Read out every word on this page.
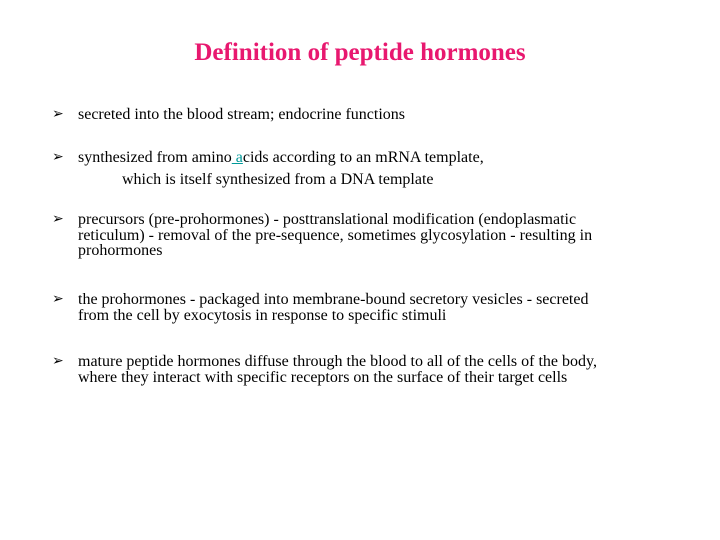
Definition of peptide hormones
➢ secreted into the blood stream; endocrine functions
➢ synthesized from amino acids according to an mRNA template,
which is itself synthesized from a DNA template
➢ precursors (pre-prohormones) - posttranslational modification (endoplasmatic
reticulum) - removal of the pre-sequence, sometimes glycosylation - resulting in
prohormones
➢ the prohormones - packaged into membrane-bound secretory vesicles - secreted
from the cell by exocytosis in response to specific stimuli
➢ mature peptide hormones diffuse through the blood to all of the cells of the body,
where they interact with specific receptors on the surface of their target cells
